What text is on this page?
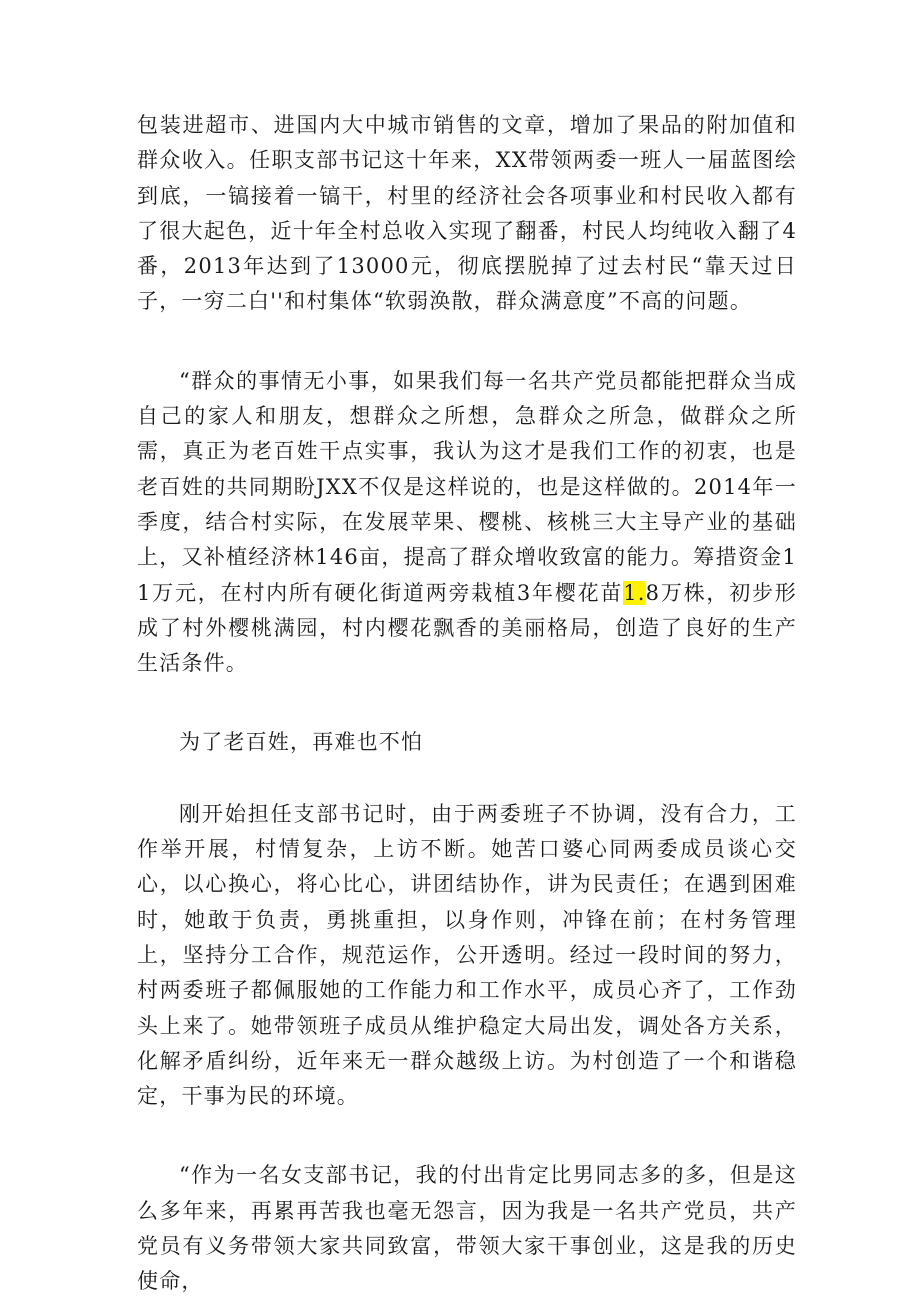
包装进超市、进国内大中城市销售的文章，增加了果品的附加值和群众收入。任职支部书记这十年来，XX带领两委一班人一届蓝图绘到底，一镐接着一镐干，村里的经济社会各项事业和村民收入都有了很大起色，近十年全村总收入实现了翻番，村民人均纯收入翻了4番，2013年达到了13000元，彻底摆脱掉了过去村民“靠天过日子，一穷二白''和村集体“软弱涣散，群众满意度”不高的问题。

“群众的事情无小事，如果我们每一名共产党员都能把群众当成自己的家人和朋友，想群众之所想，急群众之所急，做群众之所需，真正为老百姓干点实事，我认为这才是我们工作的初衷，也是老百姓的共同期盼JXX不仅是这样说的，也是这样做的。2014年一季度，结合村实际，在发展苹果、樱桃、核桃三大主导产业的基础上，又补植经济林146亩，提高了群众增收致富的能力。筹措资金11万元，在村内所有硬化街道两旁栽植3年樱花苗1.8万株，初步形成了村外樱桃满园，村内樱花飘香的美丽格局，创造了良好的生产生活条件。

为了老百姓，再难也不怕

刚开始担任支部书记时，由于两委班子不协调，没有合力，工作举开展，村情复杂，上访不断。她苦口婆心同两委成员谈心交心，以心换心，将心比心，讲团结协作，讲为民责任；在遇到困难时，她敢于负责，勇挑重担，以身作则，冲锋在前；在村务管理上，坚持分工合作，规范运作，公开透明。经过一段时间的努力，村两委班子都佩服她的工作能力和工作水平，成员心齐了，工作劲头上来了。她带领班子成员从维护稳定大局出发，调处各方关系，化解矛盾纠纷，近年来无一群众越级上访。为村创造了一个和谐稳定，干事为民的环境。

“作为一名女支部书记，我的付出肯定比男同志多的多，但是这么多年来，再累再苦我也毫无怨言，因为我是一名共产党员，共产党员有义务带领大家共同致富，带领大家干事创业，这是我的历史使命，
